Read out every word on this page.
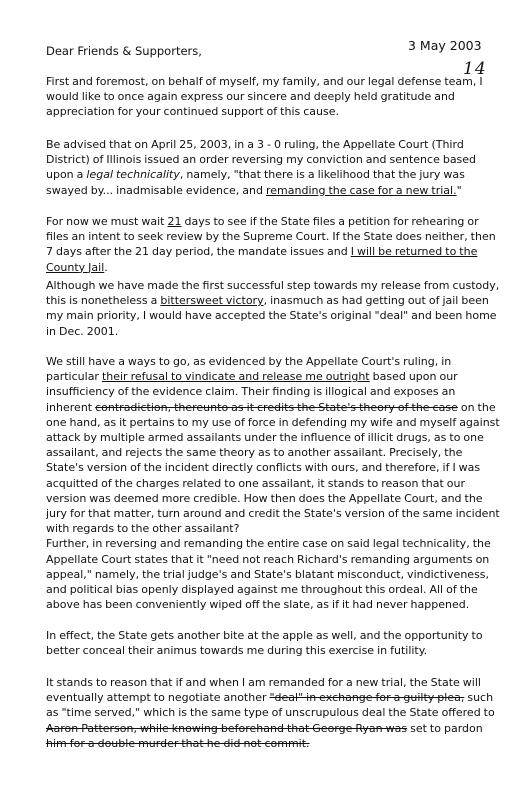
Dear Friends & Supporters,	3 May 2003
14

First and foremost, on behalf of myself, my family, and our legal defense team, I would like to once again express our sincere and deeply held gratitude and appreciation for your continued support of this cause.

Be advised that on April 25, 2003, in a 3 - 0 ruling, the Appellate Court (Third District) of Illinois issued an order reversing my conviction and sentence based upon a legal technicality, namely, "that there is a likelihood that the jury was swayed by... inadmisable evidence, and remanding the case for a new trial."

For now we must wait 21 days to see if the State files a petition for rehearing or files an intent to seek review by the Supreme Court. If the State does neither, then 7 days after the 21 day period, the mandate issues and I will be returned to the County Jail.

Although we have made the first successful step towards my release from custody, this is nonetheless a bittersweet victory, inasmuch as had getting out of jail been my main priority, I would have accepted the State's original "deal" and been home in Dec. 2001.

We still have a ways to go, as evidenced by the Appellate Court's ruling, in particular their refusal to vindicate and release me outright based upon our insufficiency of the evidence claim. Their finding is illogical and exposes an inherent contradiction, thereunto as it credits the State's theory of the case on the one hand, as it pertains to my use of force in defending my wife and myself against attack by multiple armed assailants under the influence of illicit drugs, as to one assailant, and rejects the same theory as to another assailant. Precisely, the State's version of the incident directly conflicts with ours, and therefore, if I was acquitted of the charges related to one assailant, it stands to reason that our version was deemed more credible. How then does the Appellate Court, and the jury for that matter, turn around and credit the State's version of the same incident with regards to the other assailant?
Further, in reversing and remanding the entire case on said legal technicality, the Appellate Court states that it "need not reach Richard's remanding arguments on appeal," namely, the trial judge's and State's blatant misconduct, vindictiveness, and political bias openly displayed against me throughout this ordeal. All of the above has been conveniently wiped off the slate, as if it had never happened.

In effect, the State gets another bite at the apple as well, and the opportunity to better conceal their animus towards me during this exercise in futility.

It stands to reason that if and when I am remanded for a new trial, the State will eventually attempt to negotiate another "deal" in exchange for a guilty plea, such as "time served," which is the same type of unscrupulous deal the State offered to Aaron Patterson, while knowing beforehand that George Ryan was set to pardon him for a double murder that he did not commit.
